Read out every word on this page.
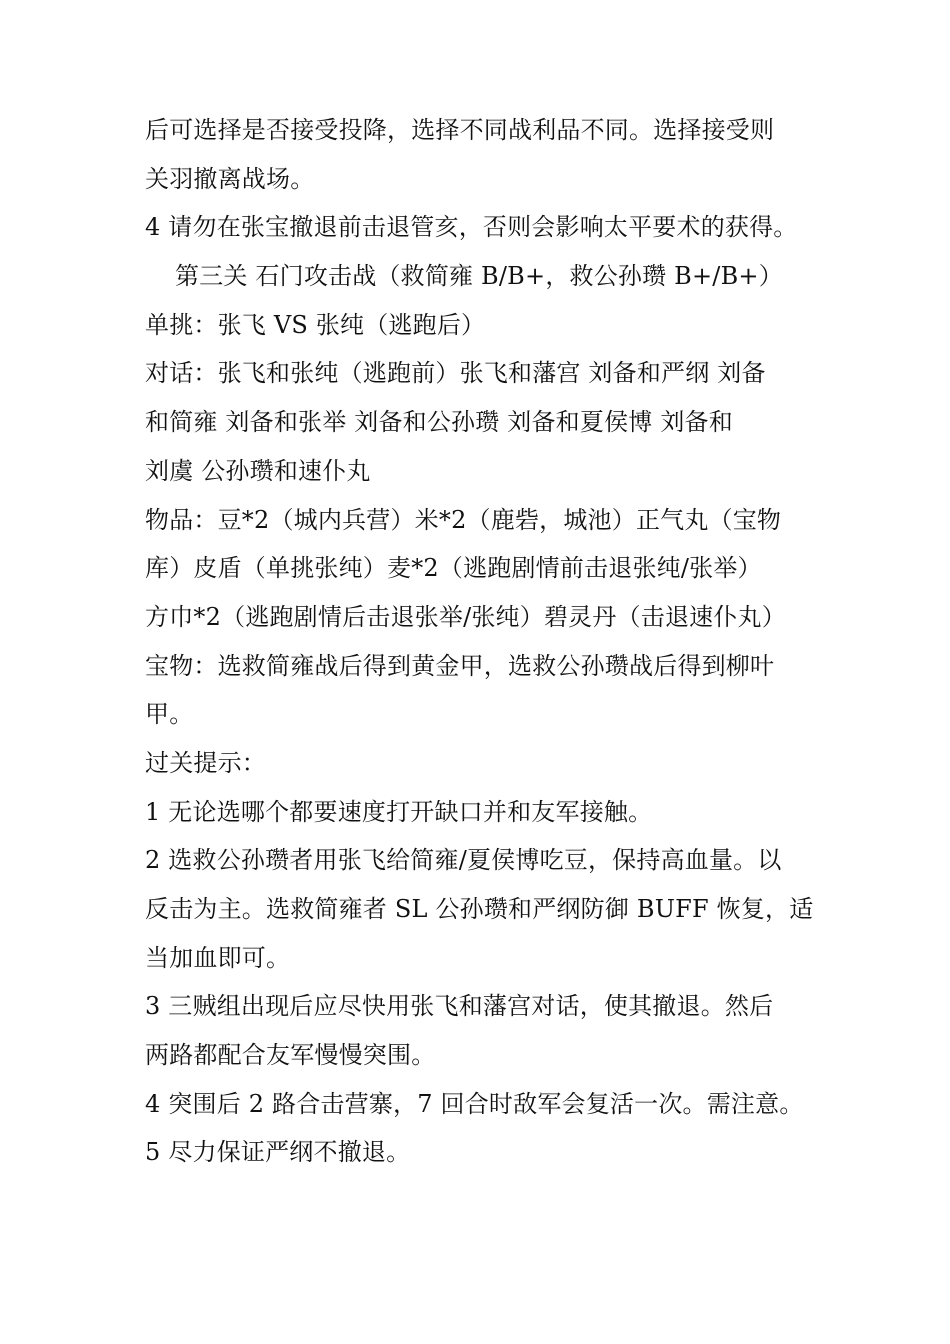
后可选择是否接受投降，选择不同战利品不同。选择接受则
关羽撤离战场。
4 请勿在张宝撤退前击退管亥，否则会影响太平要术的获得。
第三关 石门攻击战（救简雍 B/B+，救公孙瓒 B+/B+）
单挑：张飞 VS 张纯（逃跑后）
对话：张飞和张纯（逃跑前）张飞和藩宫 刘备和严纲 刘备
和简雍 刘备和张举 刘备和公孙瓒 刘备和夏侯博 刘备和
刘虞 公孙瓒和速仆丸
物品：豆*2（城内兵营）米*2（鹿砦，城池）正气丸（宝物
库）皮盾（单挑张纯）麦*2（逃跑剧情前击退张纯/张举）
方巾*2（逃跑剧情后击退张举/张纯）碧灵丹（击退速仆丸）
宝物：选救简雍战后得到黄金甲，选救公孙瓒战后得到柳叶
甲。
过关提示：
1 无论选哪个都要速度打开缺口并和友军接触。
2 选救公孙瓒者用张飞给简雍/夏侯博吃豆，保持高血量。以
反击为主。选救简雍者 SL 公孙瓒和严纲防御 BUFF 恢复，适
当加血即可。
3 三贼组出现后应尽快用张飞和藩宫对话，使其撤退。然后
两路都配合友军慢慢突围。
4 突围后 2 路合击营寨，7 回合时敌军会复活一次。需注意。
5 尽力保证严纲不撤退。
